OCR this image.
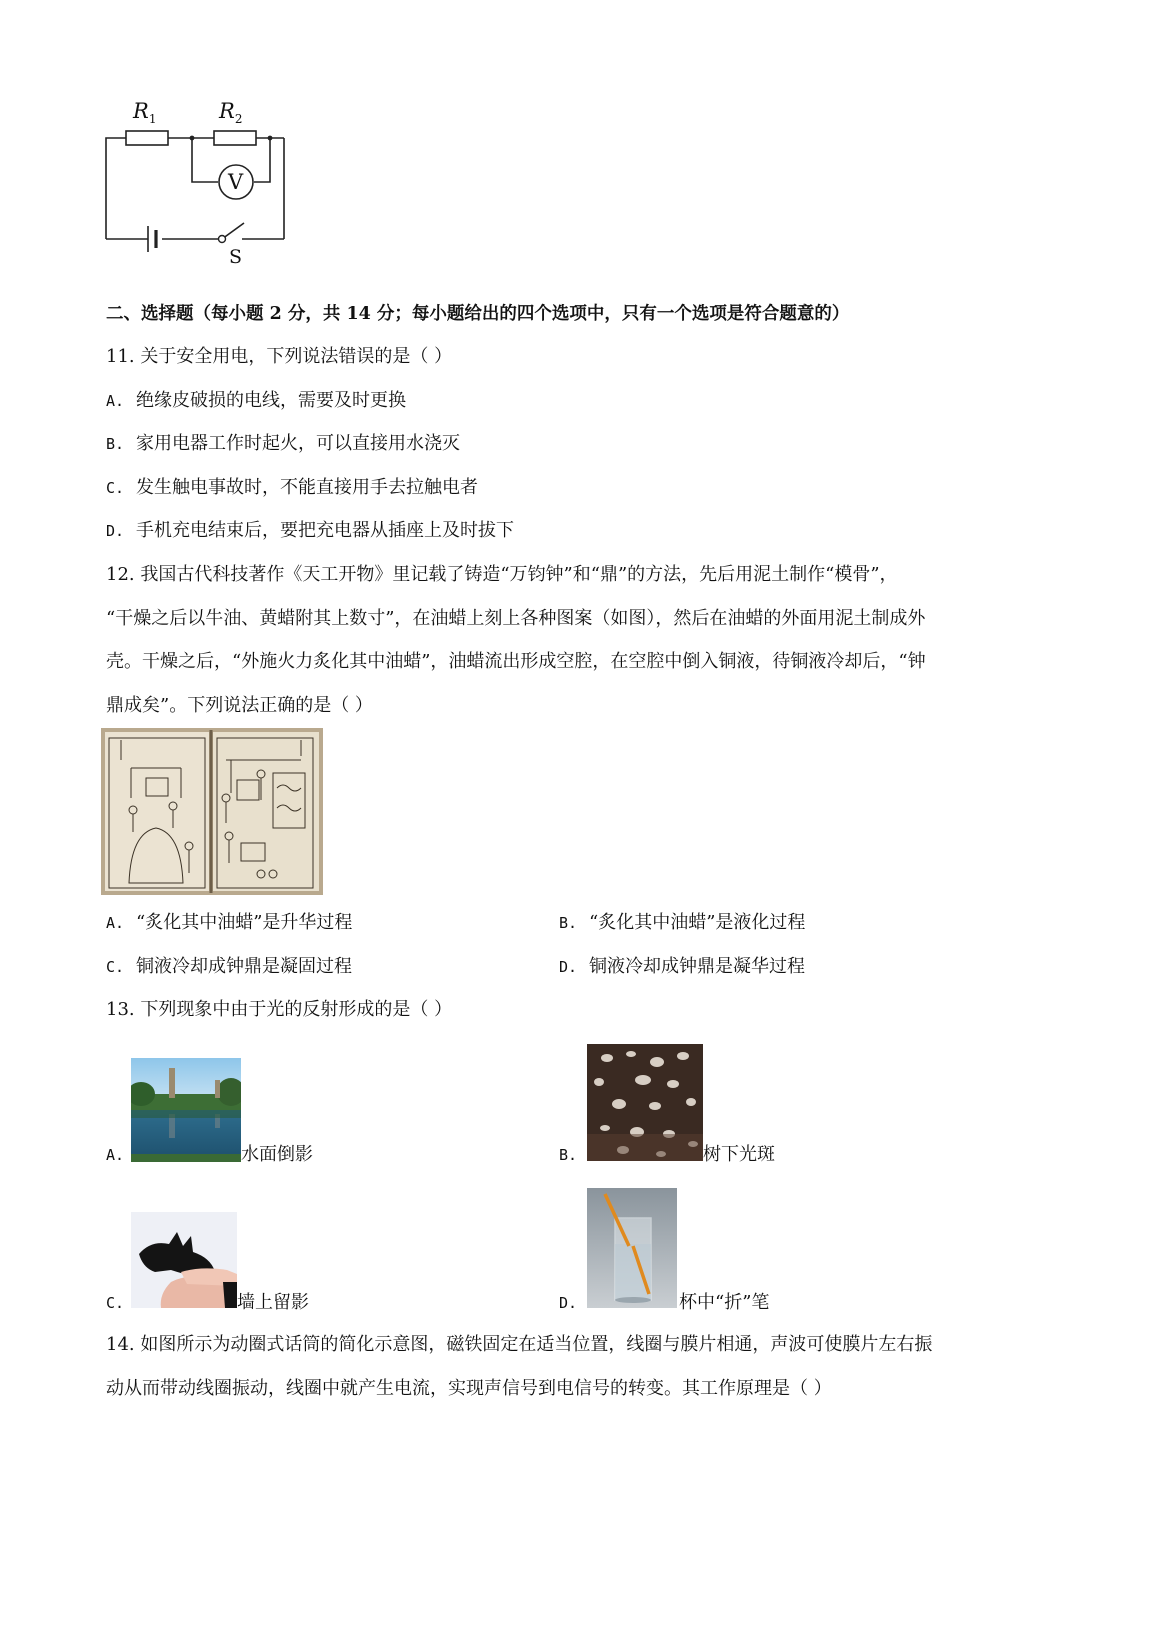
$R_1$	$R_2$
V
S
二、选择题（每小题 2 分，共 14 分；每小题给出的四个选项中，只有一个选项是符合题意的）
11. 关于安全用电，下列说法错误的是（ ）
A. 绝缘皮破损的电线，需要及时更换
B. 家用电器工作时起火，可以直接用水浇灭
C. 发生触电事故时，不能直接用手去拉触电者
D. 手机充电结束后，要把充电器从插座上及时拔下
12. 我国古代科技著作《天工开物》里记载了铸造“万钧钟”和“鼎”的方法，先后用泥土制作“模骨”，
“干燥之后以牛油、黄蜡附其上数寸”，在油蜡上刻上各种图案（如图），然后在油蜡的外面用泥土制成外
壳。干燥之后，“外施火力炙化其中油蜡”，油蜡流出形成空腔，在空腔中倒入铜液，待铜液冷却后，“钟
鼎成矣”。下列说法正确的是（ ）
A. “炙化其中油蜡”是升华过程	B. “炙化其中油蜡”是液化过程
C. 铜液冷却成钟鼎是凝固过程	D. 铜液冷却成钟鼎是凝华过程
13. 下列现象中由于光的反射形成的是（ ）
A.	水面倒影	B.	树下光斑
C.	墙上留影	D.	杯中“折”笔
14. 如图所示为动圈式话筒的简化示意图，磁铁固定在适当位置，线圈与膜片相通，声波可使膜片左右振
动从而带动线圈振动，线圈中就产生电流，实现声信号到电信号的转变。其工作原理是（ ）
